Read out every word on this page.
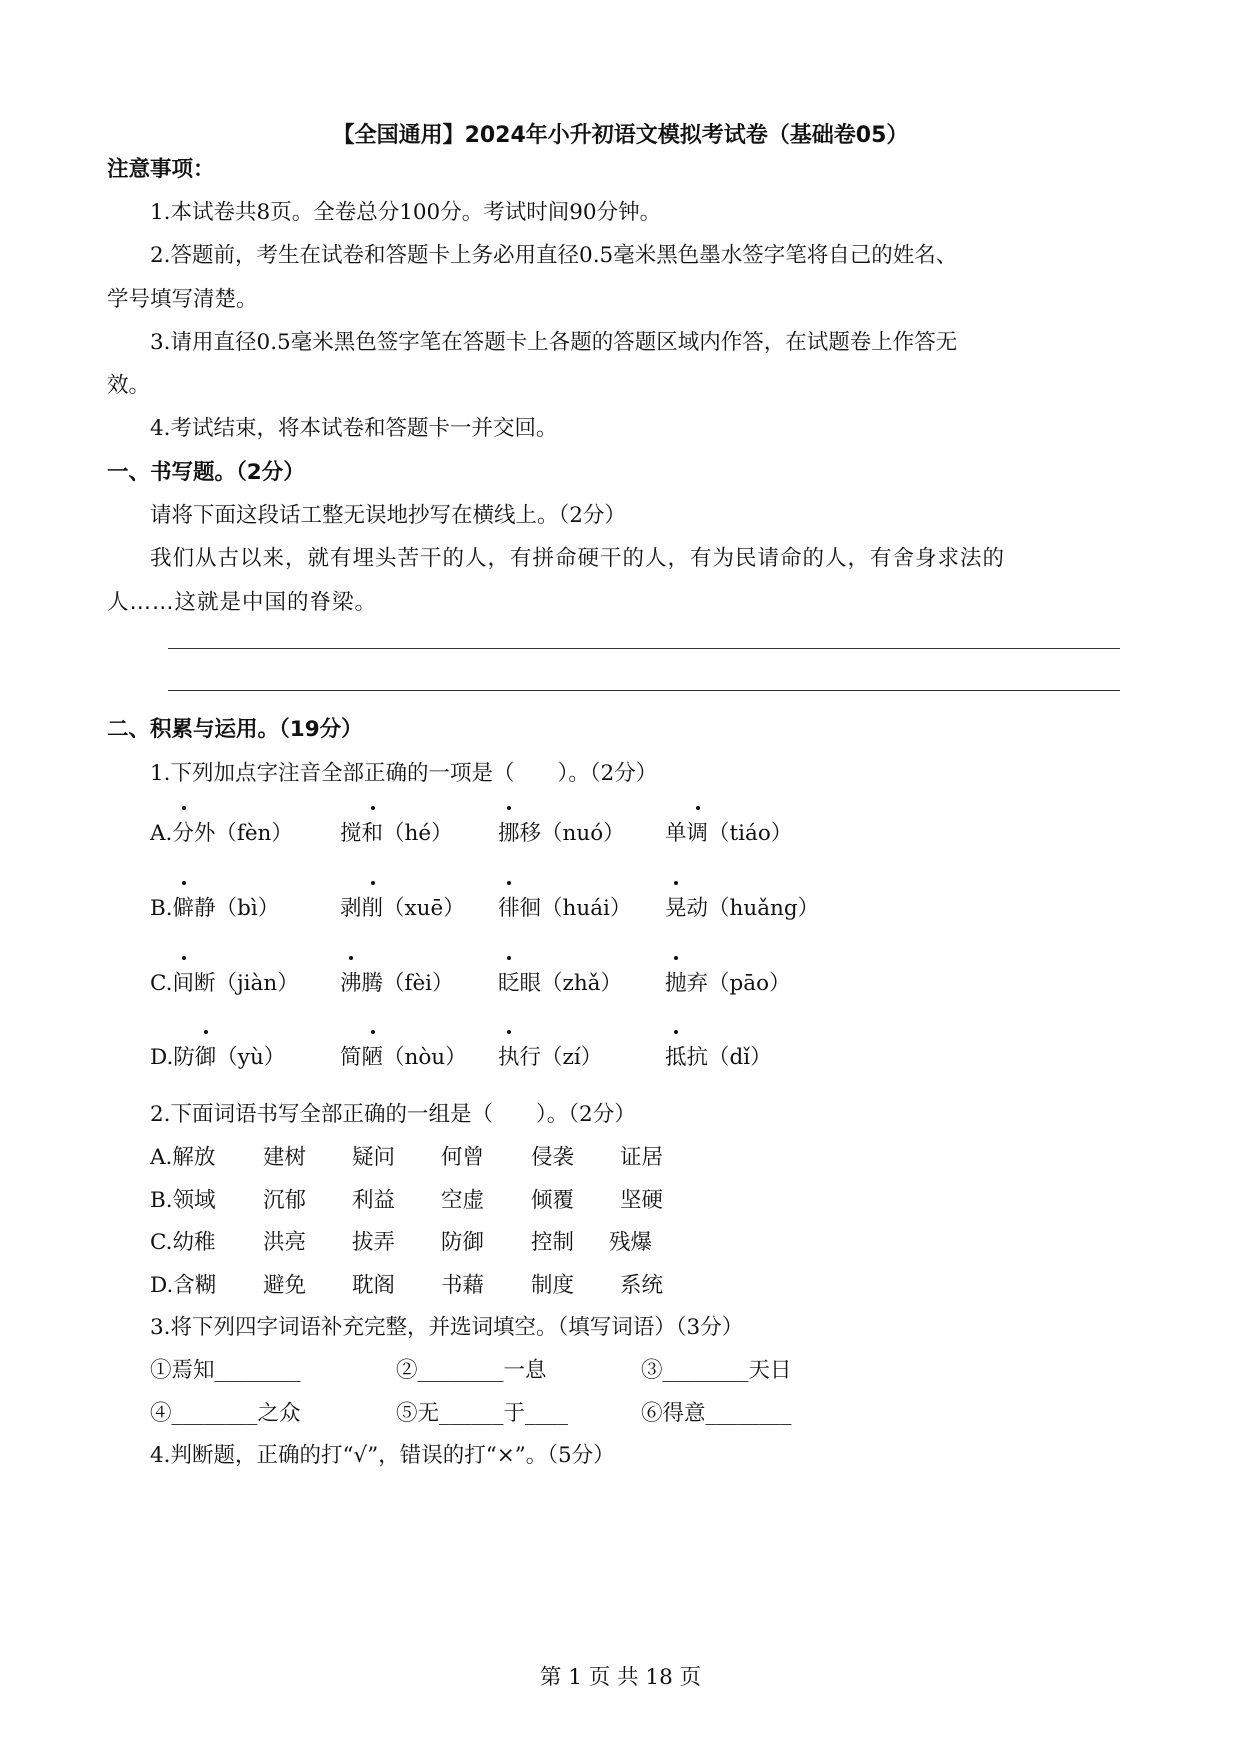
【全国通用】2024年小升初语文模拟考试卷（基础卷05）
注意事项：
1.本试卷共8页。全卷总分100分。考试时间90分钟。
2.答题前，考生在试卷和答题卡上务必用直径0.5毫米黑色墨水签字笔将自己的姓名、
学号填写清楚。
3.请用直径0.5毫米黑色签字笔在答题卡上各题的答题区域内作答，在试题卷上作答无
效。
4.考试结束，将本试卷和答题卡一并交回。
一、书写题。（2分）
请将下面这段话工整无误地抄写在横线上。（2分）
我们从古以来，就有埋头苦干的人，有拼命硬干的人，有为民请命的人，有舍身求法的
人……这就是中国的脊梁。
二、积累与运用。（19分）
1.下列加点字注音全部正确的一项是（　　）。（2分）
A.分外（fèn） 搅和（hé） 挪移（nuó） 单调（tiáo）
B.僻静（bì）	剥削（xuē） 徘徊（huái） 晃动（huǎng）
C.间断（jiàn） 沸腾（fèi） 眨眼（zhǎ） 抛弃（pāo）
D.防御（yù）	简陋（nòu） 执行（zí）	抵抗（dǐ）
2.下面词语书写全部正确的一组是（　　）。（2分）
A.解放 建树 疑问 何曾 侵袭 证居
B.领域 沉郁 利益 空虚 倾覆 坚硬
C.幼稚 洪亮 拔弄 防御 控制 残爆
D.含糊 避免 耽阁 书藉 制度 系统
3.将下列四字词语补充完整，并选词填空。（填写词语）（3分）
①焉知________	②________一息	③________天日
④________之众	⑤无______于____	⑥得意________
4.判断题，正确的打“√”，错误的打“×”。（5分）
第 1 页 共 18 页
